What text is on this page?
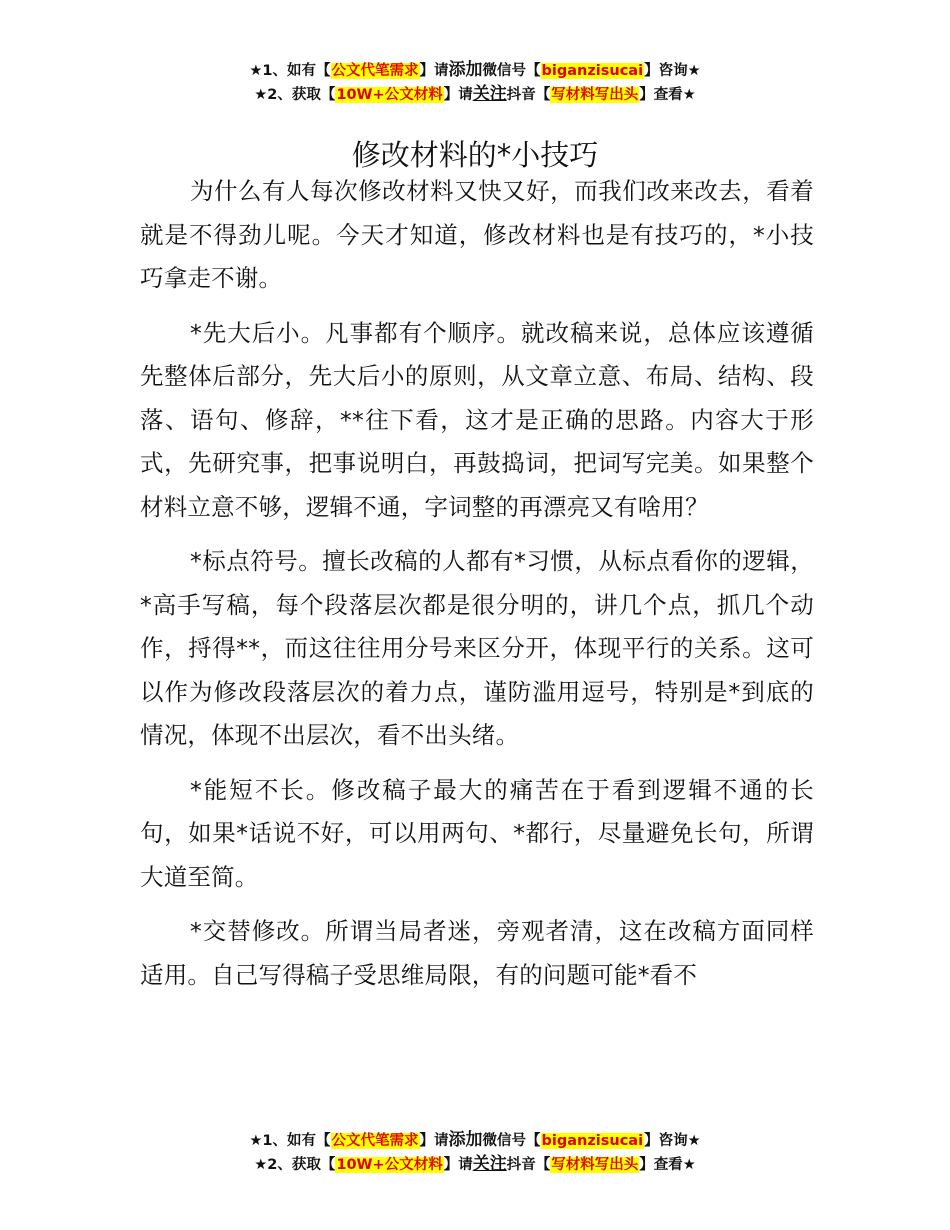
★1、如有【公文代笔需求】请添加微信号【biganzisucai】咨询★
★2、获取【10W+公文材料】请关注抖音【写材料写出头】查看★
修改材料的*小技巧

为什么有人每次修改材料又快又好，而我们改来改去，看着就是不得劲儿呢。今天才知道，修改材料也是有技巧的，*小技巧拿走不谢。

*先大后小。凡事都有个顺序。就改稿来说，总体应该遵循先整体后部分，先大后小的原则，从文章立意、布局、结构、段落、语句、修辞，**往下看，这才是正确的思路。内容大于形式，先研究事，把事说明白，再鼓捣词，把词写完美。如果整个材料立意不够，逻辑不通，字词整的再漂亮又有啥用？

*标点符号。擅长改稿的人都有*习惯，从标点看你的逻辑，*高手写稿，每个段落层次都是很分明的，讲几个点，抓几个动作，捋得**，而这往往用分号来区分开，体现平行的关系。这可以作为修改段落层次的着力点，谨防滥用逗号，特别是*到底的情况，体现不出层次，看不出头绪。

*能短不长。修改稿子最大的痛苦在于看到逻辑不通的长句，如果*话说不好，可以用两句、*都行，尽量避免长句，所谓大道至简。

*交替修改。所谓当局者迷，旁观者清，这在改稿方面同样适用。自己写得稿子受思维局限，有的问题可能*看不

★1、如有【公文代笔需求】请添加微信号【biganzisucai】咨询★
★2、获取【10W+公文材料】请关注抖音【写材料写出头】查看★
